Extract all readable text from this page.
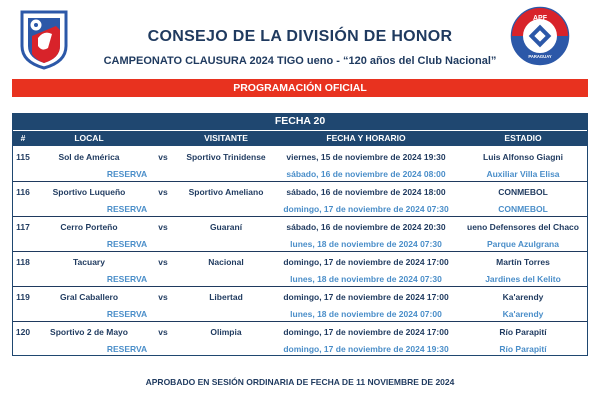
APF
PARAGUAY
CONSEJO DE LA DIVISIÓN DE HONOR
CAMPEONATO CLAUSURA 2024 TIGO ueno - “120 años del Club Nacional”
PROGRAMACIÓN OFICIAL
FECHA 20
#	LOCAL	VISITANTE	FECHA Y HORARIO	ESTADIO
115	Sol de América	vs	Sportivo Trinidense	viernes, 15 de noviembre de 2024 19:30	Luis Alfonso Giagni
RESERVA	sábado, 16 de noviembre de 2024 08:00	Auxiliar Villa Elisa
116	Sportivo Luqueño	vs	Sportivo Ameliano	sábado, 16 de noviembre de 2024 18:00	CONMEBOL
RESERVA	domingo, 17 de noviembre de 2024 07:30	CONMEBOL
117	Cerro Porteño	vs	Guaraní	sábado, 16 de noviembre de 2024 20:30	ueno Defensores del Chaco
RESERVA	lunes, 18 de noviembre de 2024 07:30	Parque Azulgrana
118	Tacuary	vs	Nacional	domingo, 17 de noviembre de 2024 17:00	Martín Torres
RESERVA	lunes, 18 de noviembre de 2024 07:30	Jardines del Kelito
119	Gral Caballero	vs	Libertad	domingo, 17 de noviembre de 2024 17:00	Ka'arendy
RESERVA	lunes, 18 de noviembre de 2024 07:00	Ka'arendy
120	Sportivo 2 de Mayo	vs	Olimpia	domingo, 17 de noviembre de 2024 17:00	Río Parapití
RESERVA	domingo, 17 de noviembre de 2024 19:30	Río Parapití
APROBADO EN SESIÓN ORDINARIA DE FECHA DE 11 NOVIEMBRE DE 2024
